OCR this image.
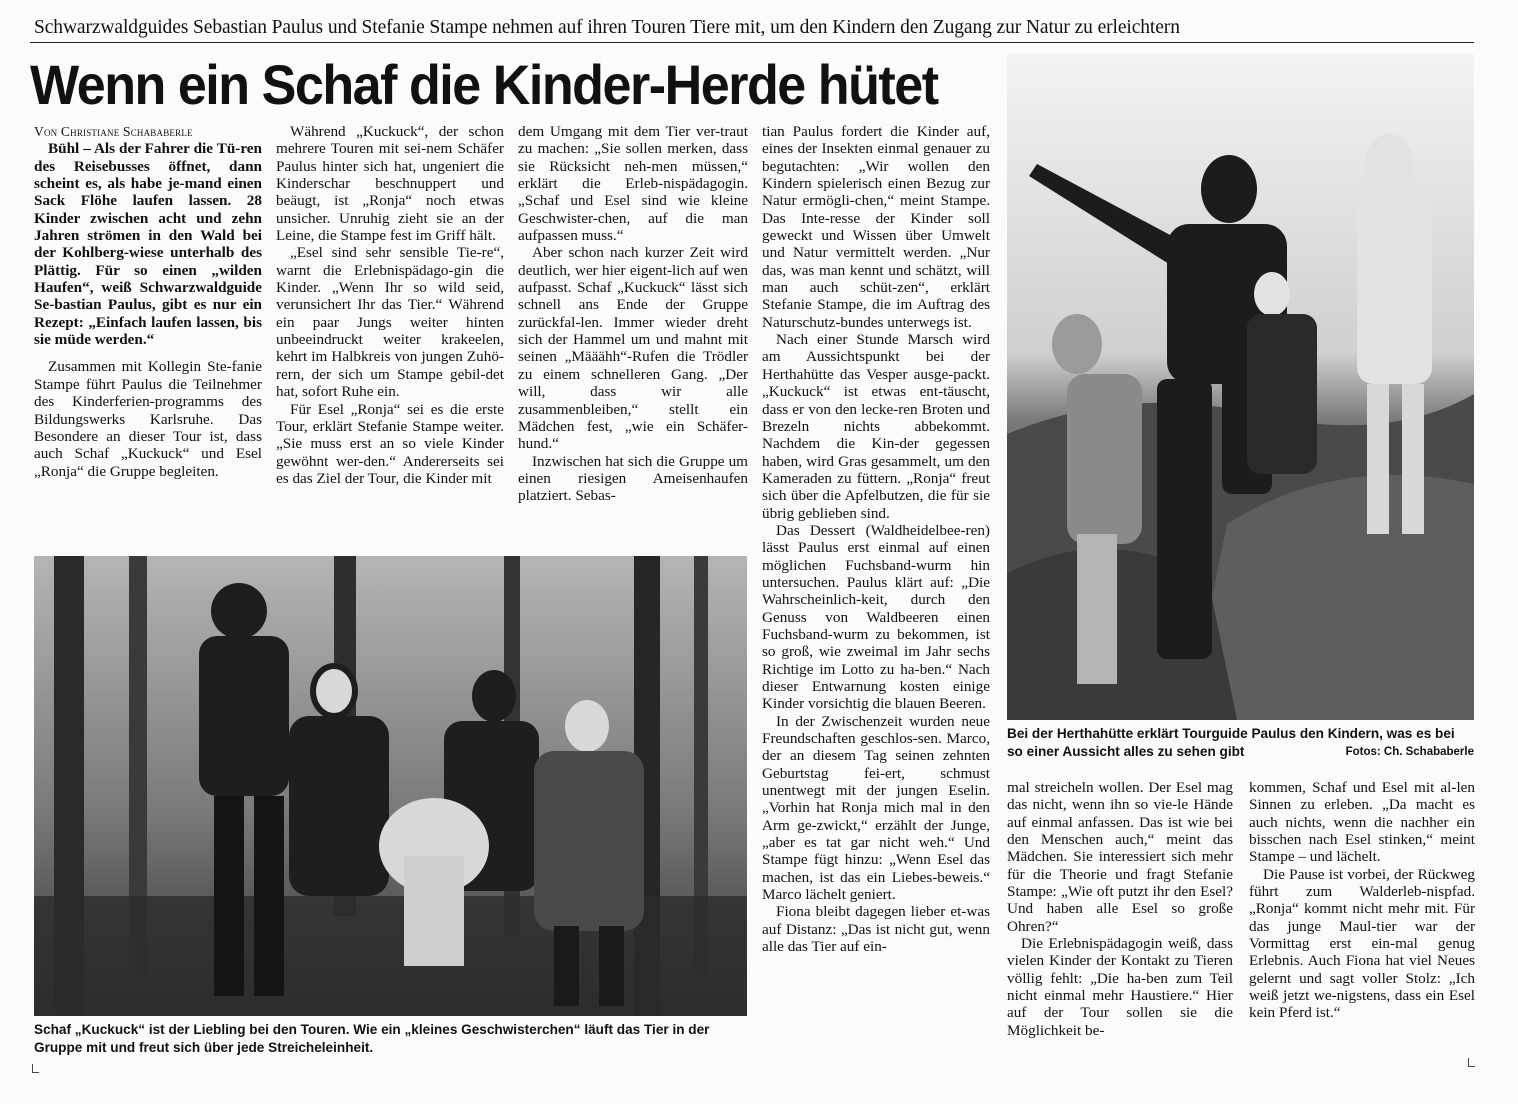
Schwarzwaldguides Sebastian Paulus und Stefanie Stampe nehmen auf ihren Touren Tiere mit, um den Kindern den Zugang zur Natur zu erleichtern
Wenn ein Schaf die Kinder-Herde hütet

Von Christiane Schababerle

Bühl – Als der Fahrer die Tü-ren des Reisebusses öffnet, dann scheint es, als habe je-mand einen Sack Flöhe laufen lassen. 28 Kinder zwischen acht und zehn Jahren strömen in den Wald bei der Kohlberg-wiese unterhalb des Plättig. Für so einen „wilden Haufen“, weiß Schwarzwaldguide Se-bastian Paulus, gibt es nur ein Rezept: „Einfach laufen lassen, bis sie müde werden.“

Zusammen mit Kollegin Ste-fanie Stampe führt Paulus die Teilnehmer des Kinderferien-programms des Bildungswerks Karlsruhe. Das Besondere an dieser Tour ist, dass auch Schaf „Kuckuck“ und Esel „Ronja“ die Gruppe begleiten.

Während „Kuckuck“, der schon mehrere Touren mit sei-nem Schäfer Paulus hinter sich hat, ungeniert die Kinderschar beschnuppert und beäugt, ist „Ronja“ noch etwas unsicher. Unruhig zieht sie an der Leine, die Stampe fest im Griff hält.

„Esel sind sehr sensible Tie-re“, warnt die Erlebnispädago-gin die Kinder. „Wenn Ihr so wild seid, verunsichert Ihr das Tier.“ Während ein paar Jungs weiter hinten unbeeindruckt weiter krakeelen, kehrt im Halbkreis von jungen Zuhö-rern, der sich um Stampe gebil-det hat, sofort Ruhe ein.

Für Esel „Ronja“ sei es die erste Tour, erklärt Stefanie Stampe weiter. „Sie muss erst an so viele Kinder gewöhnt wer-den.“ Andererseits sei es das Ziel der Tour, die Kinder mit

dem Umgang mit dem Tier ver-traut zu machen: „Sie sollen merken, dass sie Rücksicht neh-men müssen,“ erklärt die Erleb-nispädagogin. „Schaf und Esel sind wie kleine Geschwister-chen, auf die man aufpassen muss.“

Aber schon nach kurzer Zeit wird deutlich, wer hier eigent-lich auf wen aufpasst. Schaf „Kuckuck“ lässt sich schnell ans Ende der Gruppe zurückfal-len. Immer wieder dreht sich der Hammel um und mahnt mit seinen „Määähh“-Rufen die Trödler zu einem schnelleren Gang. „Der will, dass wir alle zusammenbleiben,“ stellt ein Mädchen fest, „wie ein Schäfer-hund.“

Inzwischen hat sich die Gruppe um einen riesigen Ameisenhaufen platziert. Sebas-

tian Paulus fordert die Kinder auf, eines der Insekten einmal genauer zu begutachten: „Wir wollen den Kindern spielerisch einen Bezug zur Natur ermögli-chen,“ meint Stampe. Das Inte-resse der Kinder soll geweckt und Wissen über Umwelt und Natur vermittelt werden. „Nur das, was man kennt und schätzt, will man auch schüt-zen“, erklärt Stefanie Stampe, die im Auftrag des Naturschutz-bundes unterwegs ist.

Nach einer Stunde Marsch wird am Aussichtspunkt bei der Herthahütte das Vesper ausge-packt. „Kuckuck“ ist etwas ent-täuscht, dass er von den lecke-ren Broten und Brezeln nichts abbekommt. Nachdem die Kin-der gegessen haben, wird Gras gesammelt, um den Kameraden zu füttern. „Ronja“ freut sich über die Apfelbutzen, die für sie übrig geblieben sind.

Das Dessert (Waldheidelbee-ren) lässt Paulus erst einmal auf einen möglichen Fuchsband-wurm hin untersuchen. Paulus klärt auf: „Die Wahrscheinlich-keit, durch den Genuss von Waldbeeren einen Fuchsband-wurm zu bekommen, ist so groß, wie zweimal im Jahr sechs Richtige im Lotto zu ha-ben.“ Nach dieser Entwarnung kosten einige Kinder vorsichtig die blauen Beeren.

In der Zwischenzeit wurden neue Freundschaften geschlos-sen. Marco, der an diesem Tag seinen zehnten Geburtstag fei-ert, schmust unentwegt mit der jungen Eselin. „Vorhin hat Ronja mich mal in den Arm ge-zwickt,“ erzählt der Junge, „aber es tat gar nicht weh.“ Und Stampe fügt hinzu: „Wenn Esel das machen, ist das ein Liebes-beweis.“ Marco lächelt geniert.

Fiona bleibt dagegen lieber et-was auf Distanz: „Das ist nicht gut, wenn alle das Tier auf ein-

mal streicheln wollen. Der Esel mag das nicht, wenn ihn so vie-le Hände auf einmal anfassen. Das ist wie bei den Menschen auch,“ meint das Mädchen. Sie interessiert sich mehr für die Theorie und fragt Stefanie Stampe: „Wie oft putzt ihr den Esel? Und haben alle Esel so große Ohren?“

Die Erlebnispädagogin weiß, dass vielen Kinder der Kontakt zu Tieren völlig fehlt: „Die ha-ben zum Teil nicht einmal mehr Haustiere.“ Hier auf der Tour sollen sie die Möglichkeit be-

kommen, Schaf und Esel mit al-len Sinnen zu erleben. „Da macht es auch nichts, wenn die nachher ein bisschen nach Esel stinken,“ meint Stampe – und lächelt.

Die Pause ist vorbei, der Rückweg führt zum Walderleb-nispfad. „Ronja“ kommt nicht mehr mit. Für das junge Maul-tier war der Vormittag erst ein-mal genug Erlebnis. Auch Fiona hat viel Neues gelernt und sagt voller Stolz: „Ich weiß jetzt we-nigstens, dass ein Esel kein Pferd ist.“

Schaf „Kuckuck“ ist der Liebling bei den Touren. Wie ein „kleines Geschwisterchen“ läuft das Tier in der Gruppe mit und freut sich über jede Streicheleinheit.
Bei der Herthahütte erklärt Tourguide Paulus den Kindern, was es bei so einer Aussicht alles zu sehen gibt	Fotos: Ch. Schababerle
